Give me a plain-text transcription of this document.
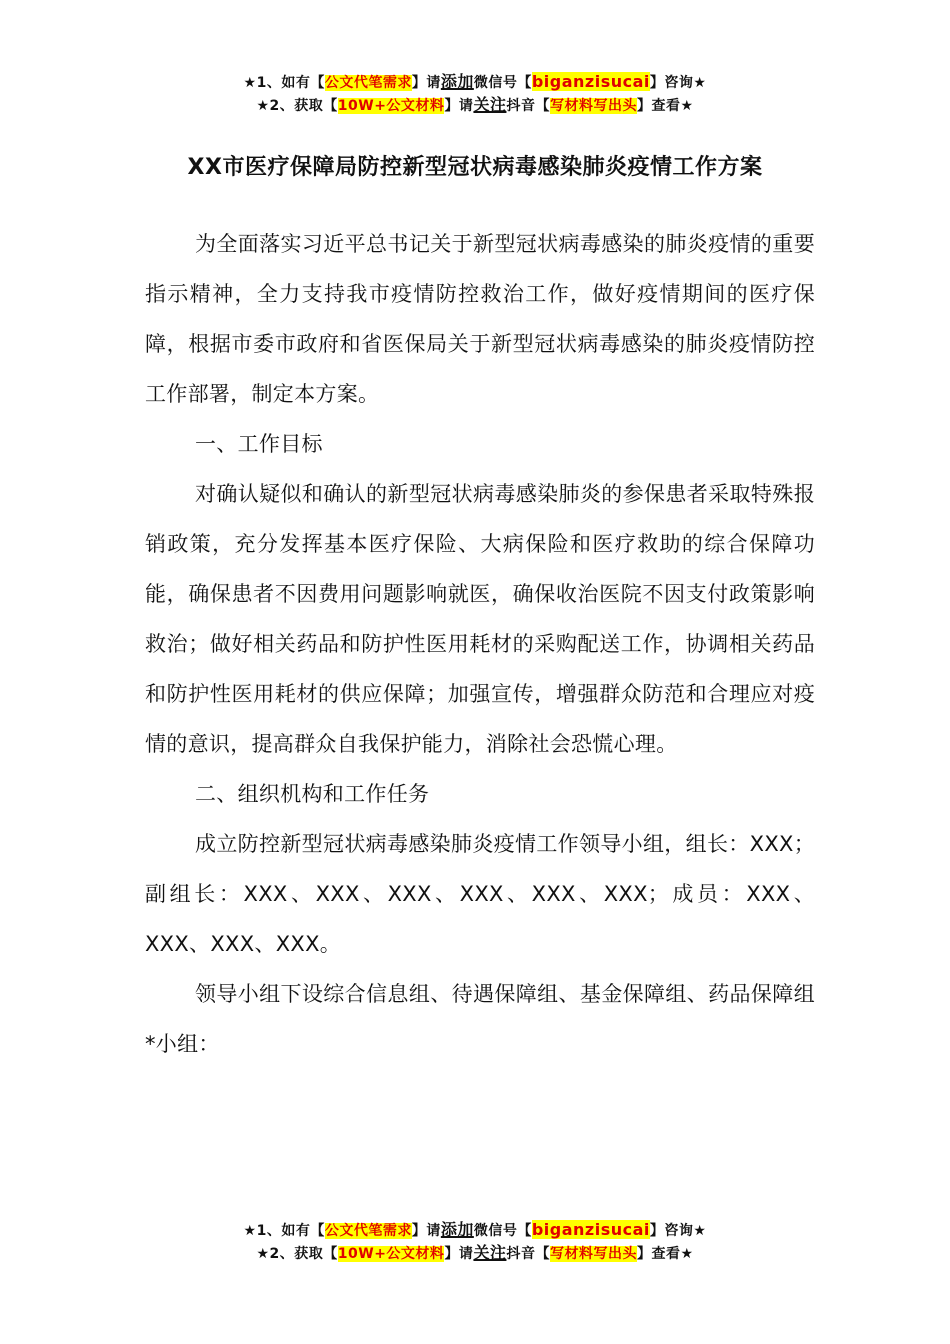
★1、如有【公文代笔需求】请添加微信号【biganzisucai】咨询★
★2、获取【10W+公文材料】请关注抖音【写材料写出头】查看★
XX市医疗保障局防控新型冠状病毒感染肺炎疫情工作方案

为全面落实习近平总书记关于新型冠状病毒感染的肺炎疫情的重要指示精神，全力支持我市疫情防控救治工作，做好疫情期间的医疗保障，根据市委市政府和省医保局关于新型冠状病毒感染的肺炎疫情防控工作部署，制定本方案。

一、工作目标

对确认疑似和确认的新型冠状病毒感染肺炎的参保患者采取特殊报销政策，充分发挥基本医疗保险、大病保险和医疗救助的综合保障功能，确保患者不因费用问题影响就医，确保收治医院不因支付政策影响救治；做好相关药品和防护性医用耗材的采购配送工作，协调相关药品和防护性医用耗材的供应保障；加强宣传，增强群众防范和合理应对疫情的意识，提高群众自我保护能力，消除社会恐慌心理。

二、组织机构和工作任务

成立防控新型冠状病毒感染肺炎疫情工作领导小组，组长：XXX；副组长：XXX、XXX、XXX、XXX、XXX、XXX；成员：XXX、XXX、XXX、XXX。

领导小组下设综合信息组、待遇保障组、基金保障组、药品保障组*小组：

★1、如有【公文代笔需求】请添加微信号【biganzisucai】咨询★
★2、获取【10W+公文材料】请关注抖音【写材料写出头】查看★
